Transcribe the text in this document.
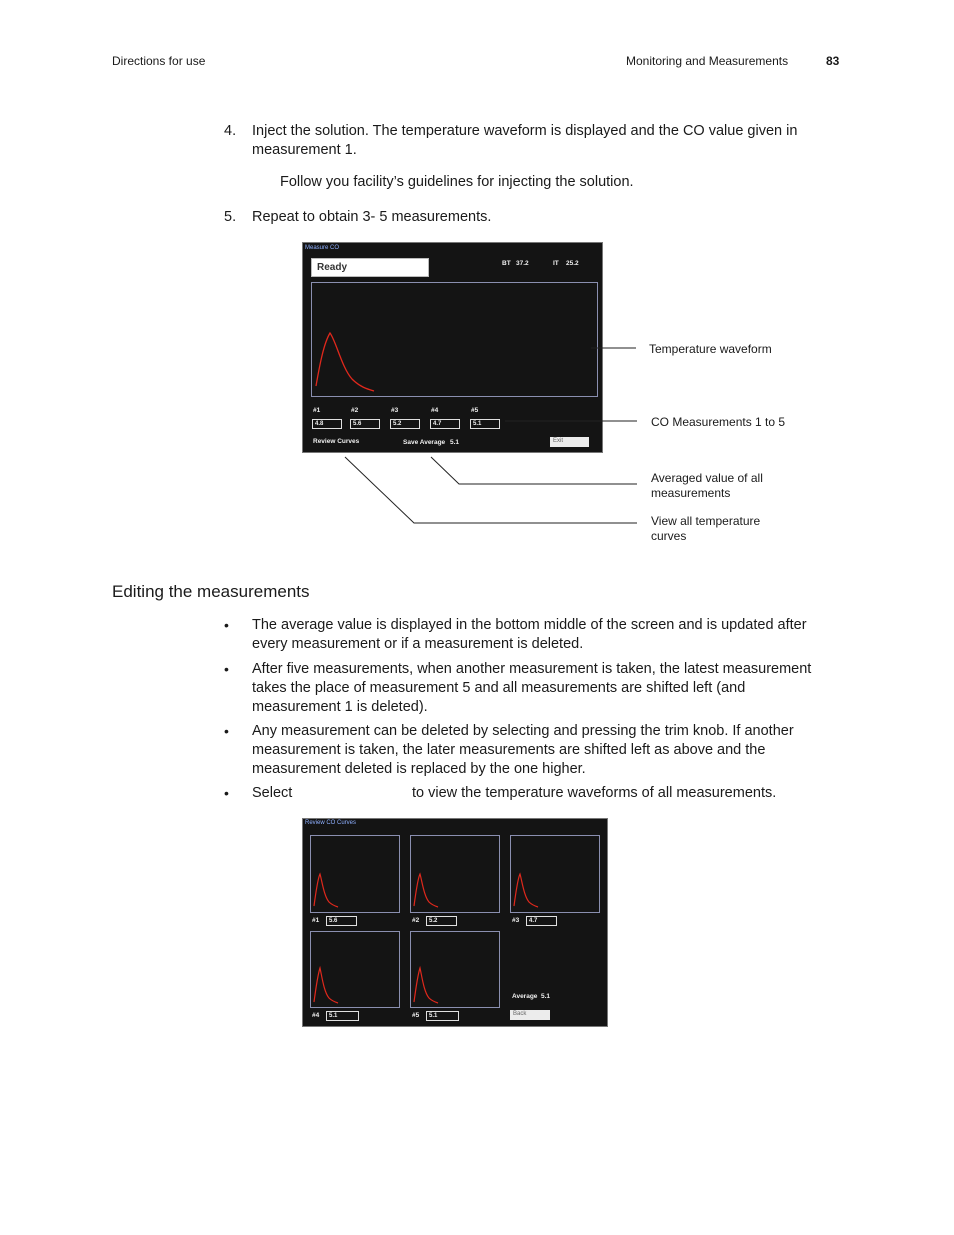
Directions for use	Monitoring and Measurements	83
4. Inject the solution. The temperature waveform is displayed and the CO value given in measurement 1.
Follow you facility’s guidelines for injecting the solution.
5. Repeat to obtain 3- 5 measurements.
Measure CO
Ready	BT 37.2	IT 25.2
#1	#2	#3	#4	#5
4.8	5.6	5.2	4.7	5.1
Review Curves	Save Average 5.1	Exit
Temperature waveform
CO Measurements 1 to 5
Averaged value of all
measurements
View all temperature
curves
Editing the measurements
• The average value is displayed in the bottom middle of the screen and is updated after every measurement or if a measurement is deleted.
• After five measurements, when another measurement is taken, the latest measurement takes the place of measurement 5 and all measurements are shifted left (and measurement 1 is deleted).
• Any measurement can be deleted by selecting and pressing the trim knob. If another measurement is taken, the later measurements are shifted left as above and the measurement deleted is replaced by the one higher.
• Select	to view the temperature waveforms of all measurements.
Review CO Curves
#1	5.6	#2	5.2	#3	4.7
#4	5.1	#5	5.1
Average 5.1
Back
